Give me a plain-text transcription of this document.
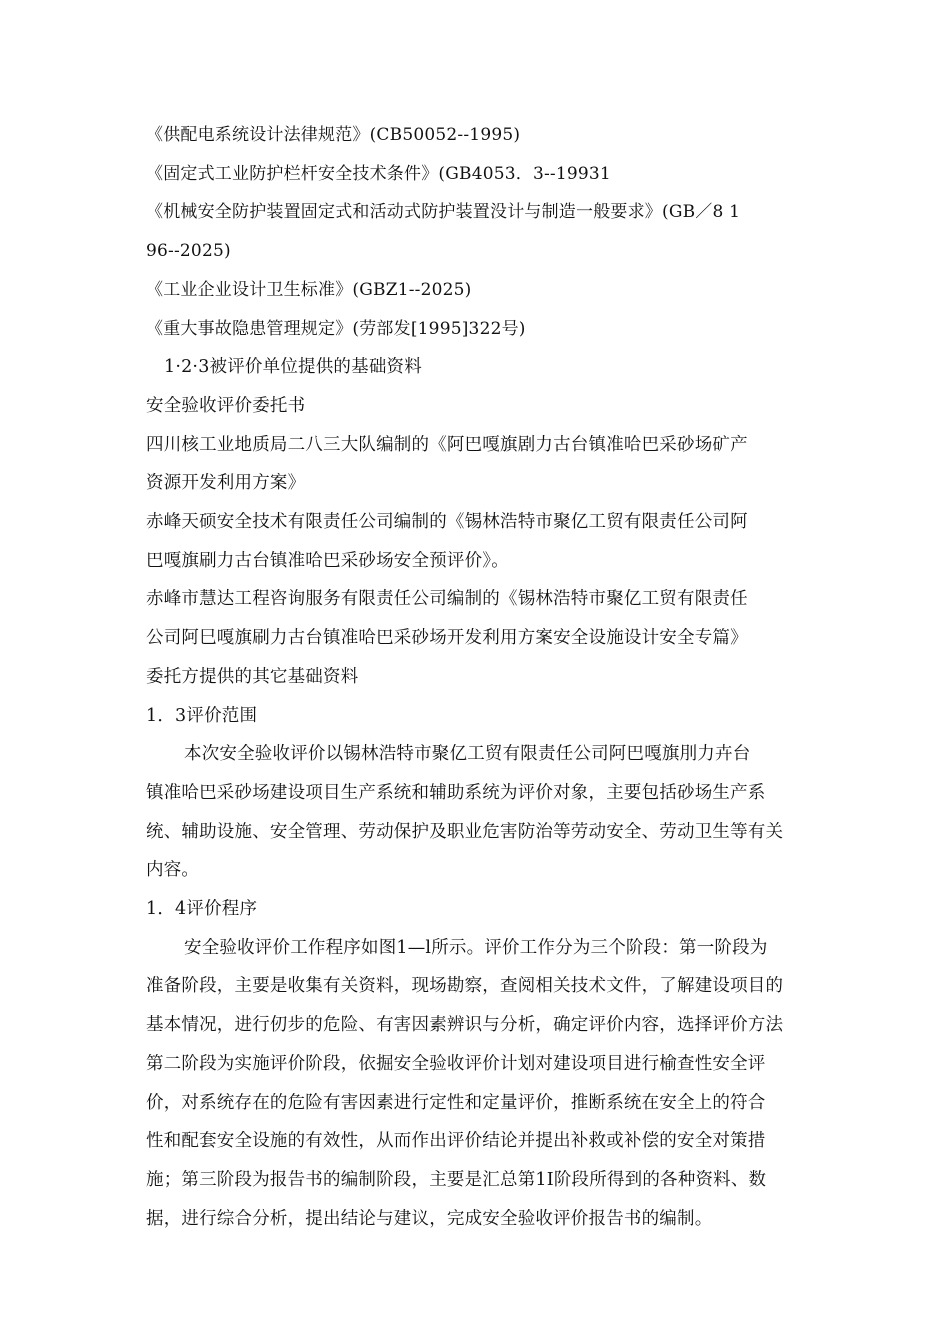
《供配电系统设计法律规范》(CB50052--1995)
《固定式工业防护栏杆安全技术条件》(GB4053．3--19931
《机械安全防护装置固定式和活动式防护装置没计与制造一般要求》(GB／8 1
96--2025)
《工业企业设计卫生标准》(GBZ1--2025)
《重大事故隐患管理规定》(劳部发[1995]322号)
1·2·3被评价单位提供的基础资料
安全验收评价委托书
四川核工业地质局二八三大队编制的《阿巴嘎旗剧力古台镇准哈巴采砂场矿产
资源开发利用方案》
赤峰天硕安全技术有限责任公司编制的《锡林浩特市聚亿工贸有限责任公司阿
巴嘎旗刷力古台镇准哈巴采砂场安全预评价》。
赤峰市慧达工程咨询服务有限责任公司编制的《锡林浩特市聚亿工贸有限责任
公司阿巳嘎旗刷力古台镇准哈巴采砂场开发利用方案安全设施设计安全专篇》
委托方提供的其它基础资料
1．3评价范围
本次安全验收评价以锡林浩特市聚亿工贸有限责任公司阿巴嘎旗刖力卉台
镇准哈巴采砂场建设项目生产系统和辅助系统为评价对象，主要包括砂场生产系
统、辅助设施、安全管理、劳动保护及职业危害防治等劳动安全、劳动卫生等有关
内容。
1．4评价程序
安全验收评价工作程序如图1—l所示。评价工作分为三个阶段：第一阶段为
准备阶段，主要是收集有关资料，现场勘察，查阅相关技术文件，了解建设项目的
基本情况，进行仞步的危险、有害因素辨识与分析，确定评价内容，选择评价方法
第二阶段为实施评价阶段，依掘安全验收评价计划对建设项目进行榆查性安全评
价，对系统存在的危险有害因素进行定性和定量评价，推断系统在安全上的符合
性和配套安全设施的有效性，从而作出评价结论并提出补救或补偿的安全对策措
施；第三阶段为报告书的编制阶段，主要是汇总第1I阶段所得到的各种资料、数
据，进行综合分析，提出结论与建议，完成安全验收评价报告书的编制。
